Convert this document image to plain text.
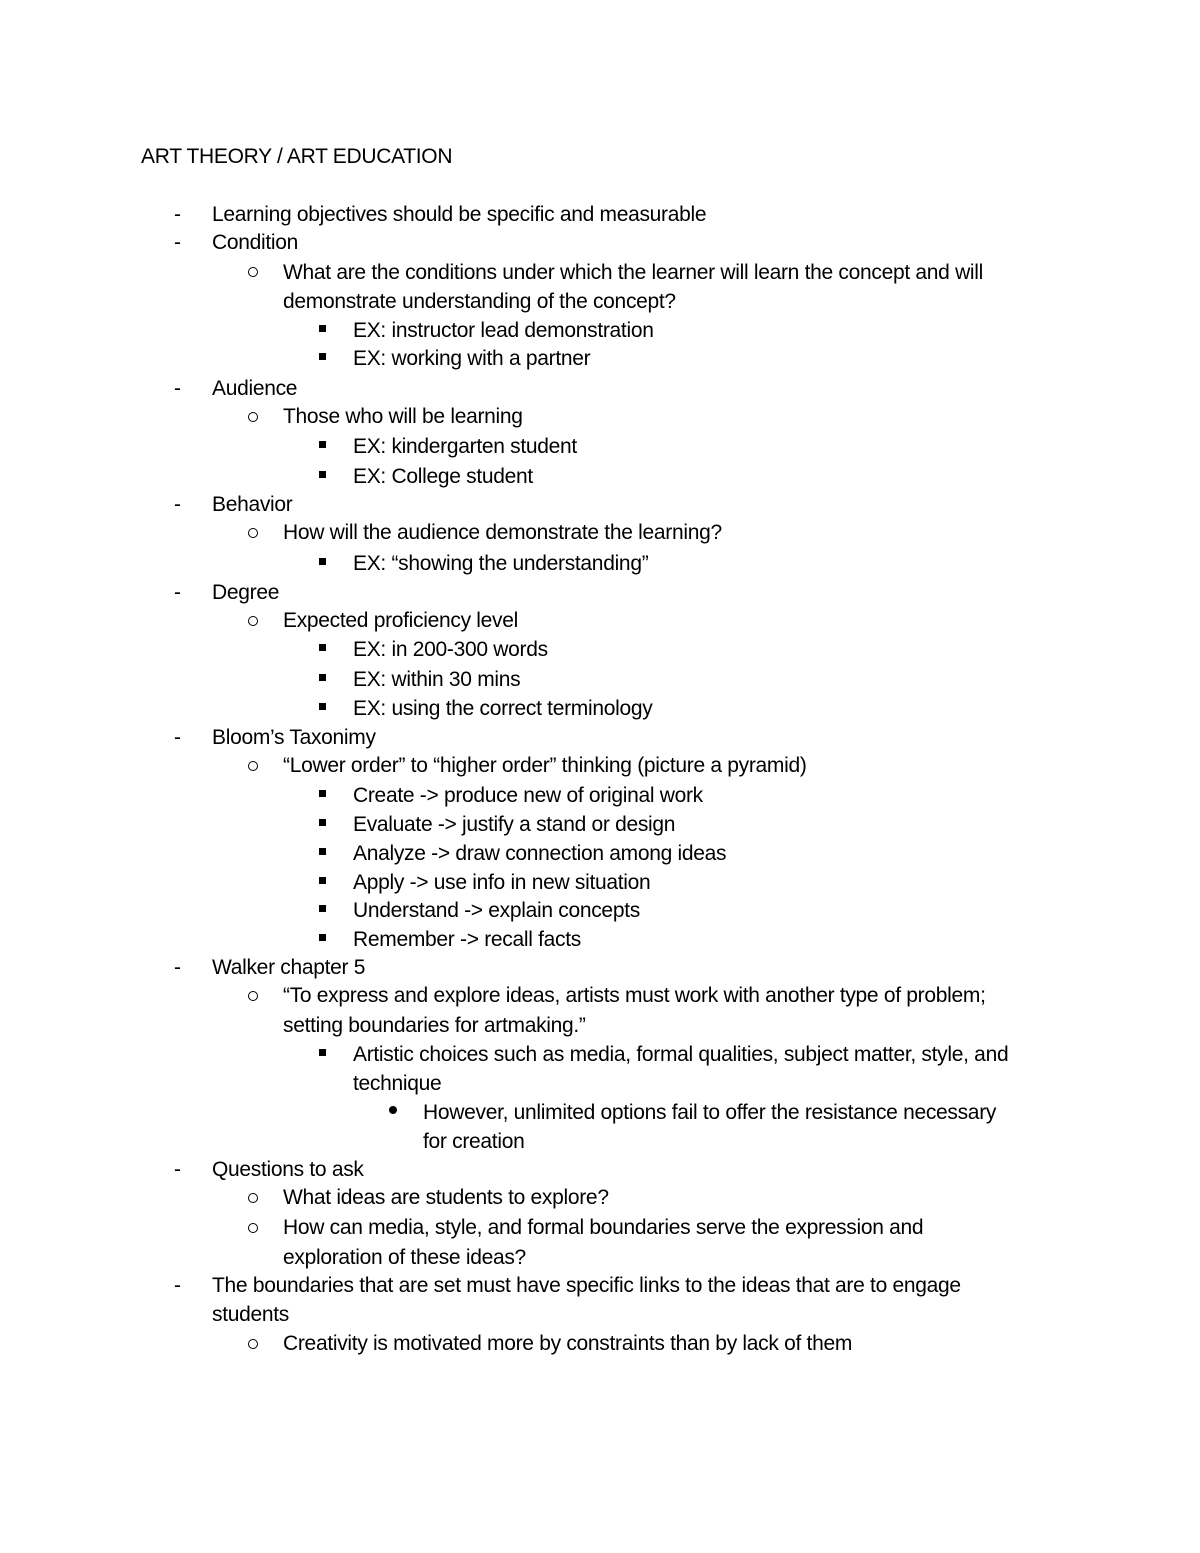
ART THEORY / ART EDUCATION
- Learning objectives should be specific and measurable
- Condition
What are the conditions under which the learner will learn the concept and will
demonstrate understanding of the concept?
EX: instructor lead demonstration
EX: working with a partner
- Audience
Those who will be learning
EX: kindergarten student
EX: College student
- Behavior
How will the audience demonstrate the learning?
EX: “showing the understanding”
- Degree
Expected proficiency level
EX: in 200-300 words
EX: within 30 mins
EX: using the correct terminology
- Bloom’s Taxonimy
“Lower order” to “higher order” thinking (picture a pyramid)
Create -> produce new of original work
Evaluate -> justify a stand or design
Analyze -> draw connection among ideas
Apply -> use info in new situation
Understand -> explain concepts
Remember -> recall facts
- Walker chapter 5
“To express and explore ideas, artists must work with another type of problem;
setting boundaries for artmaking.”
Artistic choices such as media, formal qualities, subject matter, style, and
technique
However, unlimited options fail to offer the resistance necessary
for creation
- Questions to ask
What ideas are students to explore?
How can media, style, and formal boundaries serve the expression and
exploration of these ideas?
- The boundaries that are set must have specific links to the ideas that are to engage
students
Creativity is motivated more by constraints than by lack of them
